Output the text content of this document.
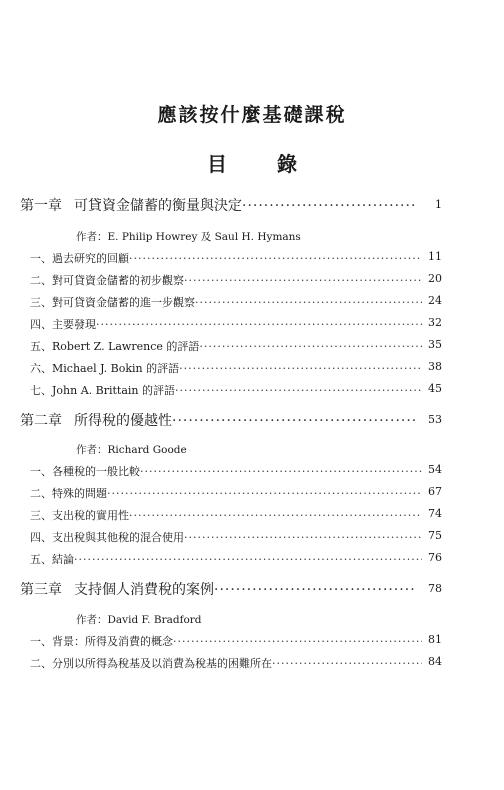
應該按什麼基礎課稅
目	錄
第一章 可貸資金儲蓄的衡量與決定 ·····	1
作者：E. Philip Howrey 及 Saul H. Hymans
一、過去研究的回顧 ·····	11
二、對可貸資金儲蓄的初步觀察 ·····	20
三、對可貸資金儲蓄的進一步觀察 ·····	24
四、主要發現 ·····	32
五、Robert Z. Lawrence 的評語 ·····	35
六、Michael J. Bokin 的評語 ·····	38
七、John A. Brittain 的評語 ·····	45
第二章 所得稅的優越性 ·····	53
作者：Richard Goode
一、各種稅的一般比較 ·····	54
二、特殊的問題 ·····	67
三、支出稅的實用性 ·····	74
四、支出稅與其他稅的混合使用 ·····	75
五、結論 ·····	76
第三章 支持個人消費稅的案例 ·····	78
作者：David F. Bradford
一、背景：所得及消費的概念 ·····	81
二、分別以所得為稅基及以消費為稅基的困難所在 ·····	84
